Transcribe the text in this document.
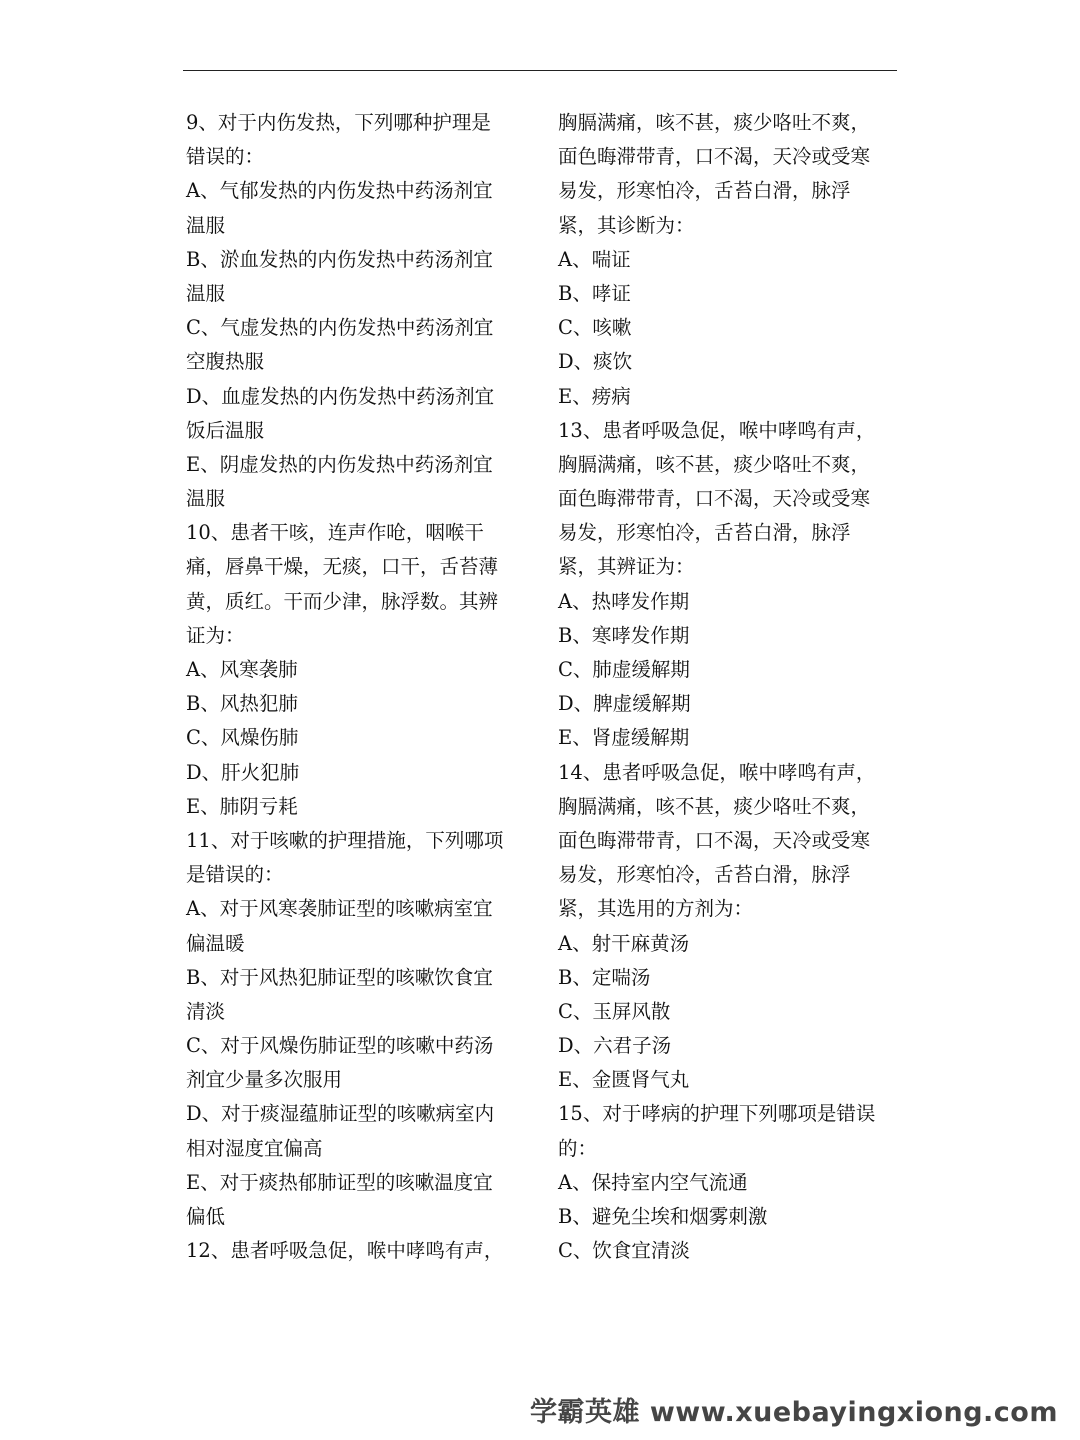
9、对于内伤发热，下列哪种护理是
错误的：
A、气郁发热的内伤发热中药汤剂宜
温服
B、淤血发热的内伤发热中药汤剂宜
温服
C、气虚发热的内伤发热中药汤剂宜
空腹热服
D、血虚发热的内伤发热中药汤剂宜
饭后温服
E、阴虚发热的内伤发热中药汤剂宜
温服
10、患者干咳，连声作呛，咽喉干
痛，唇鼻干燥，无痰，口干，舌苔薄
黄，质红。干而少津，脉浮数。其辨
证为：
A、风寒袭肺
B、风热犯肺
C、风燥伤肺
D、肝火犯肺
E、肺阴亏耗
11、对于咳嗽的护理措施，下列哪项
是错误的：
A、对于风寒袭肺证型的咳嗽病室宜
偏温暖
B、对于风热犯肺证型的咳嗽饮食宜
清淡
C、对于风燥伤肺证型的咳嗽中药汤
剂宜少量多次服用
D、对于痰湿蕴肺证型的咳嗽病室内
相对湿度宜偏高
E、对于痰热郁肺证型的咳嗽温度宜
偏低
12、患者呼吸急促，喉中哮鸣有声，
胸膈满痛，咳不甚，痰少咯吐不爽，
面色晦滞带青，口不渴，天冷或受寒
易发，形寒怕冷，舌苔白滑，脉浮
紧，其诊断为：
A、喘证
B、哮证
C、咳嗽
D、痰饮
E、痨病
13、患者呼吸急促，喉中哮鸣有声，
胸膈满痛，咳不甚，痰少咯吐不爽，
面色晦滞带青，口不渴，天冷或受寒
易发，形寒怕冷，舌苔白滑，脉浮
紧，其辨证为：
A、热哮发作期
B、寒哮发作期
C、肺虚缓解期
D、脾虚缓解期
E、肾虚缓解期
14、患者呼吸急促，喉中哮鸣有声，
胸膈满痛，咳不甚，痰少咯吐不爽，
面色晦滞带青，口不渴，天冷或受寒
易发，形寒怕冷，舌苔白滑，脉浮
紧，其选用的方剂为：
A、射干麻黄汤
B、定喘汤
C、玉屏风散
D、六君子汤
E、金匮肾气丸
15、对于哮病的护理下列哪项是错误
的：
A、保持室内空气流通
B、避免尘埃和烟雾刺激
C、饮食宜清淡
学霸英雄 www.xuebayingxiong.com
